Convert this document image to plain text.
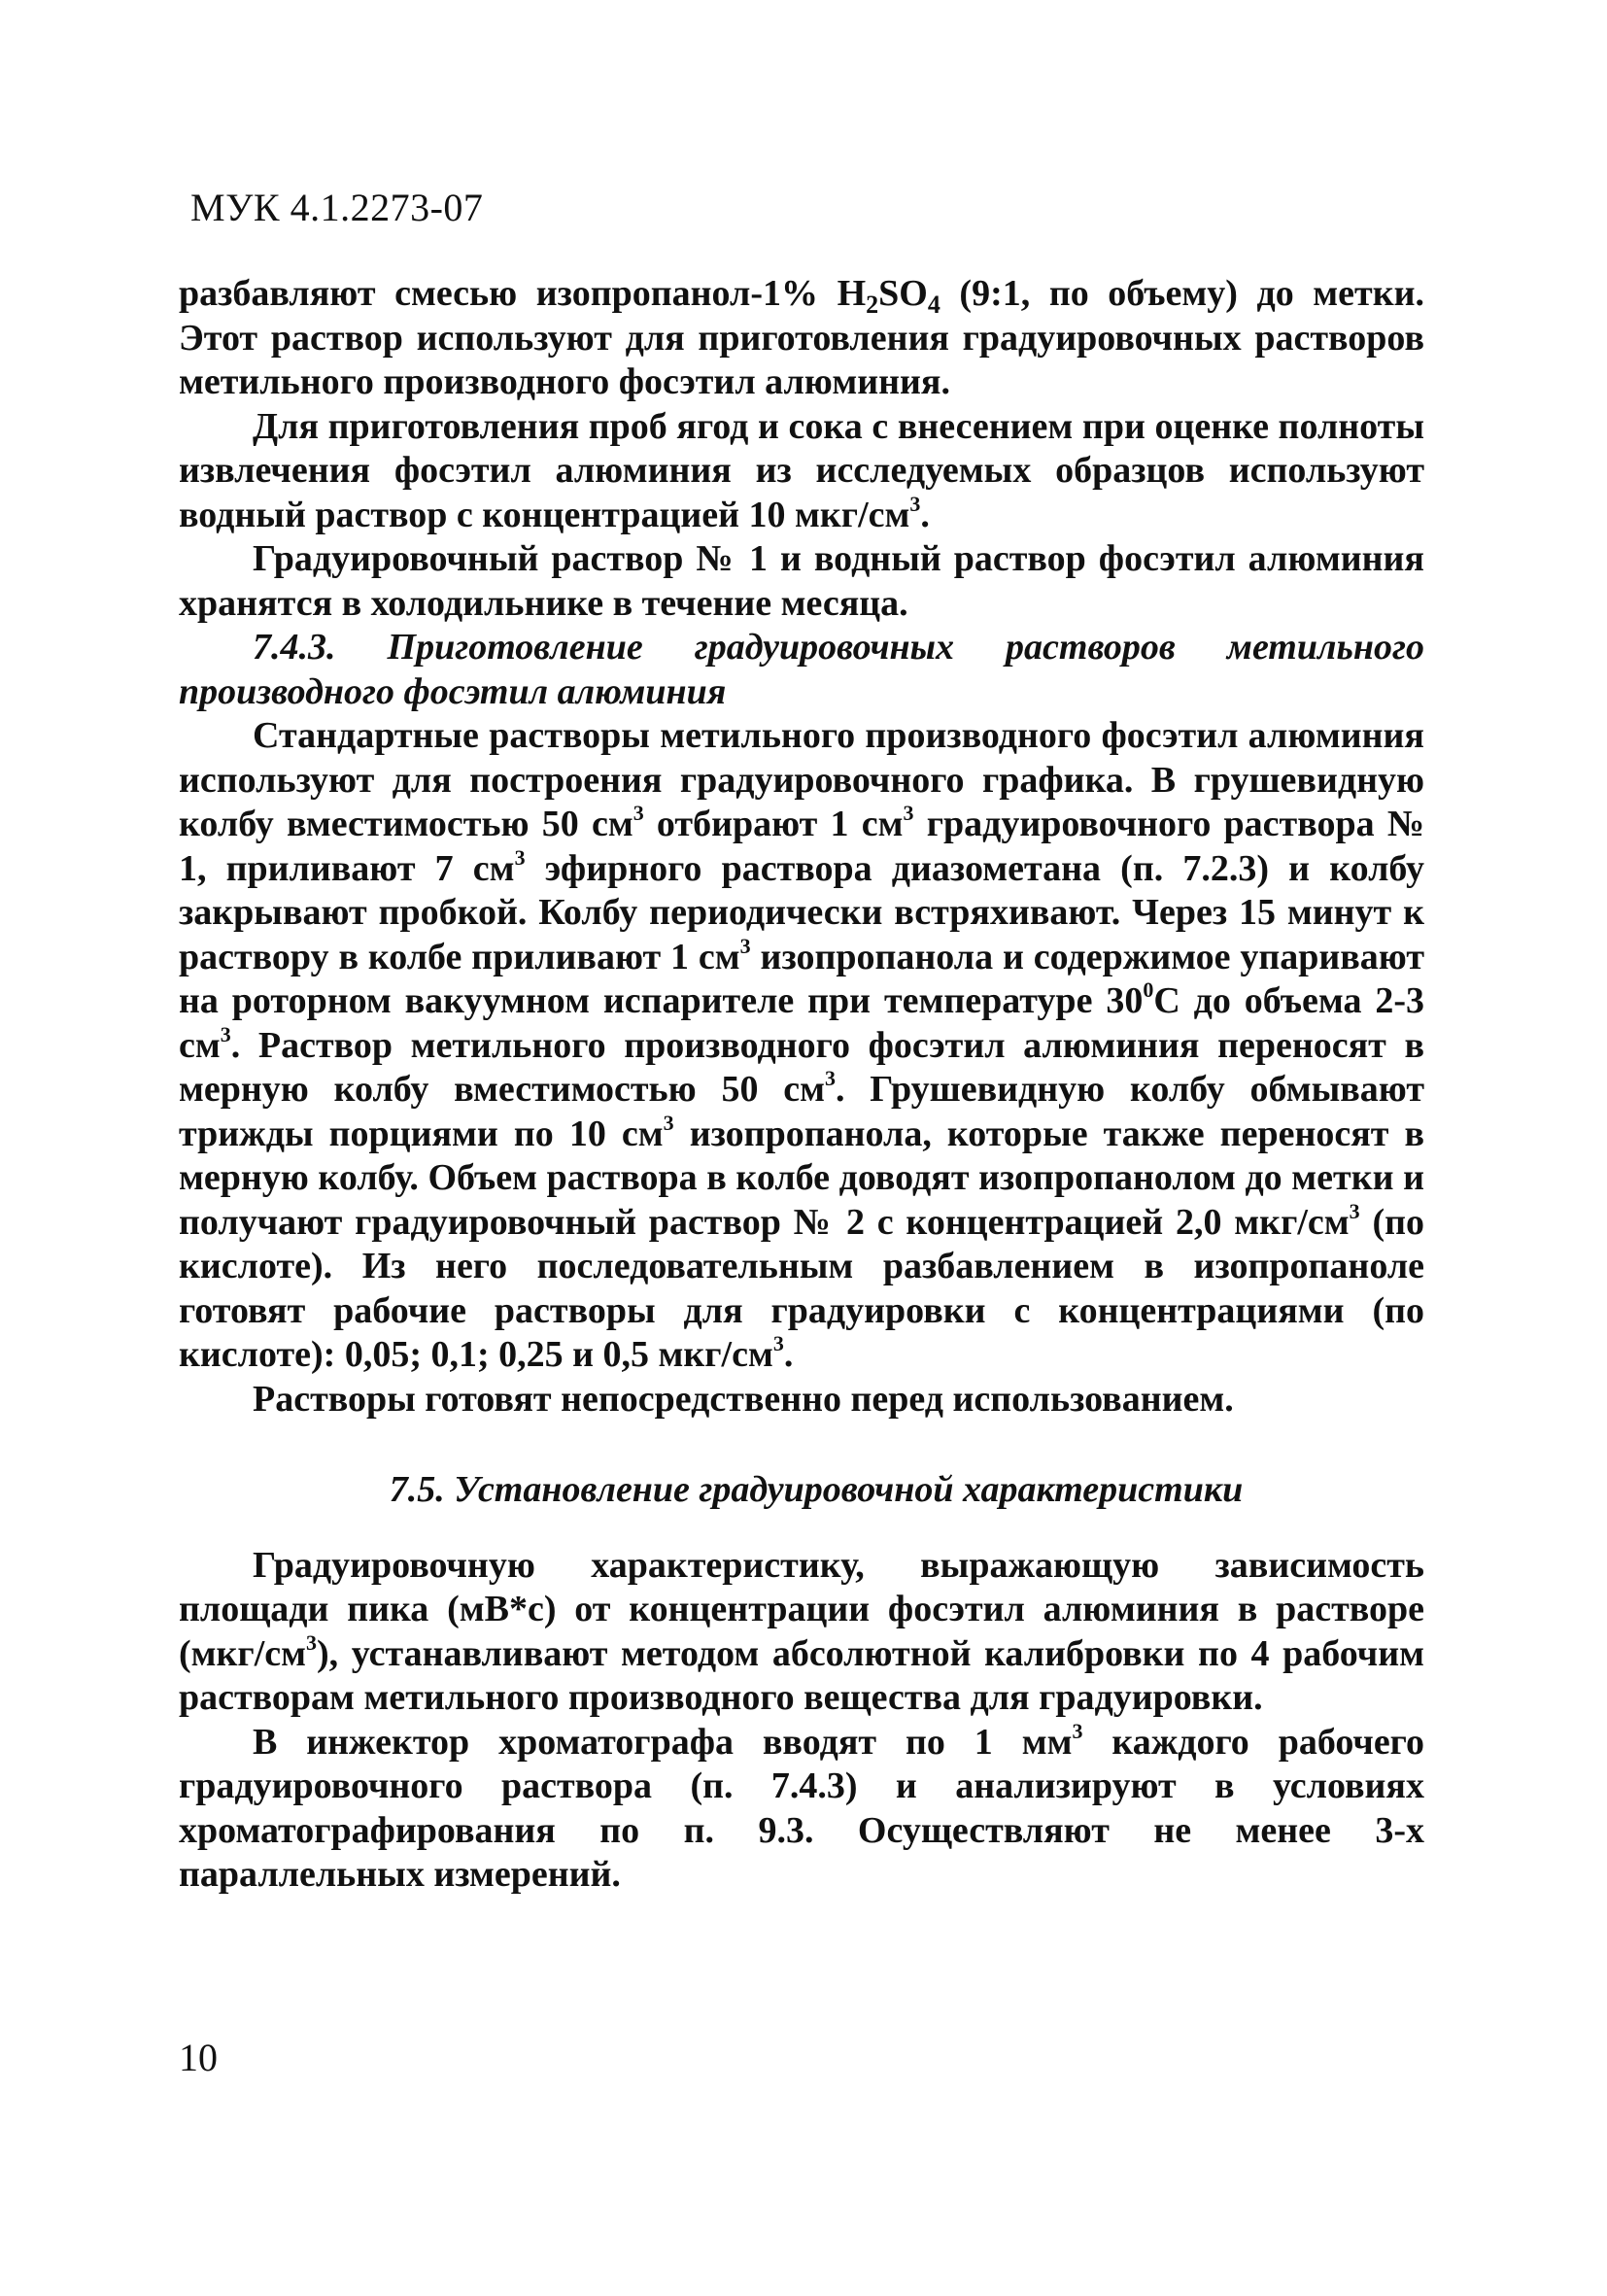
МУК 4.1.2273-07

разбавляют смесью изопропанол-1% $H_2SO_4$ (9:1, по объему) до метки. Этот раствор используют для приготовления градуировочных растворов метильного производного фосэтил алюминия.

Для приготовления проб ягод и сока с внесением при оценке полноты извлечения фосэтил алюминия из исследуемых образцов используют водный раствор с концентрацией 10 мкг/$см^3$.

Градуировочный раствор № 1 и водный раствор фосэтил алюминия хранятся в холодильнике в течение месяца.

7.4.3. Приготовление градуировочных растворов метильного производного фосэтил алюминия

Стандартные растворы метильного производного фосэтил алюминия используют для построения градуировочного графика. В грушевидную колбу вместимостью 50 $см^3$ отбирают 1 $см^3$ градуировочного раствора № 1, приливают 7 $см^3$ эфирного раствора диазометана (п. 7.2.3) и колбу закрывают пробкой. Колбу периодически встряхивают. Через 15 минут к раствору в колбе приливают 1 $см^3$ изопропанола и содержимое упаривают на роторном вакуумном испарителе при температуре $30^0С$ до объема 2-3 $см^3$. Раствор метильного производного фосэтил алюминия переносят в мерную колбу вместимостью 50 $см^3$. Грушевидную колбу обмывают трижды порциями по 10 $см^3$ изопропанола, которые также переносят в мерную колбу. Объем раствора в колбе доводят изопропанолом до метки и получают градуировочный раствор № 2 с концентрацией 2,0 мкг/$см^3$ (по кислоте). Из него последовательным разбавлением в изопропаноле готовят рабочие растворы для градуировки с концентрациями (по кислоте): 0,05; 0,1; 0,25 и 0,5 мкг/$см^3$.

Растворы готовят непосредственно перед использованием.

7.5. Установление градуировочной характеристики

Градуировочную характеристику, выражающую зависимость площади пика (мВ*с) от концентрации фосэтил алюминия в растворе $(мкг/см^3)$, устанавливают методом абсолютной калибровки по 4 рабочим растворам метильного производного вещества для градуировки.

В инжектор хроматографа вводят по 1 $мм^3$ каждого рабочего градуировочного раствора (п. 7.4.3) и анализируют в условиях хроматографирования по п. 9.3. Осуществляют не менее 3-х параллельных измерений.

10
